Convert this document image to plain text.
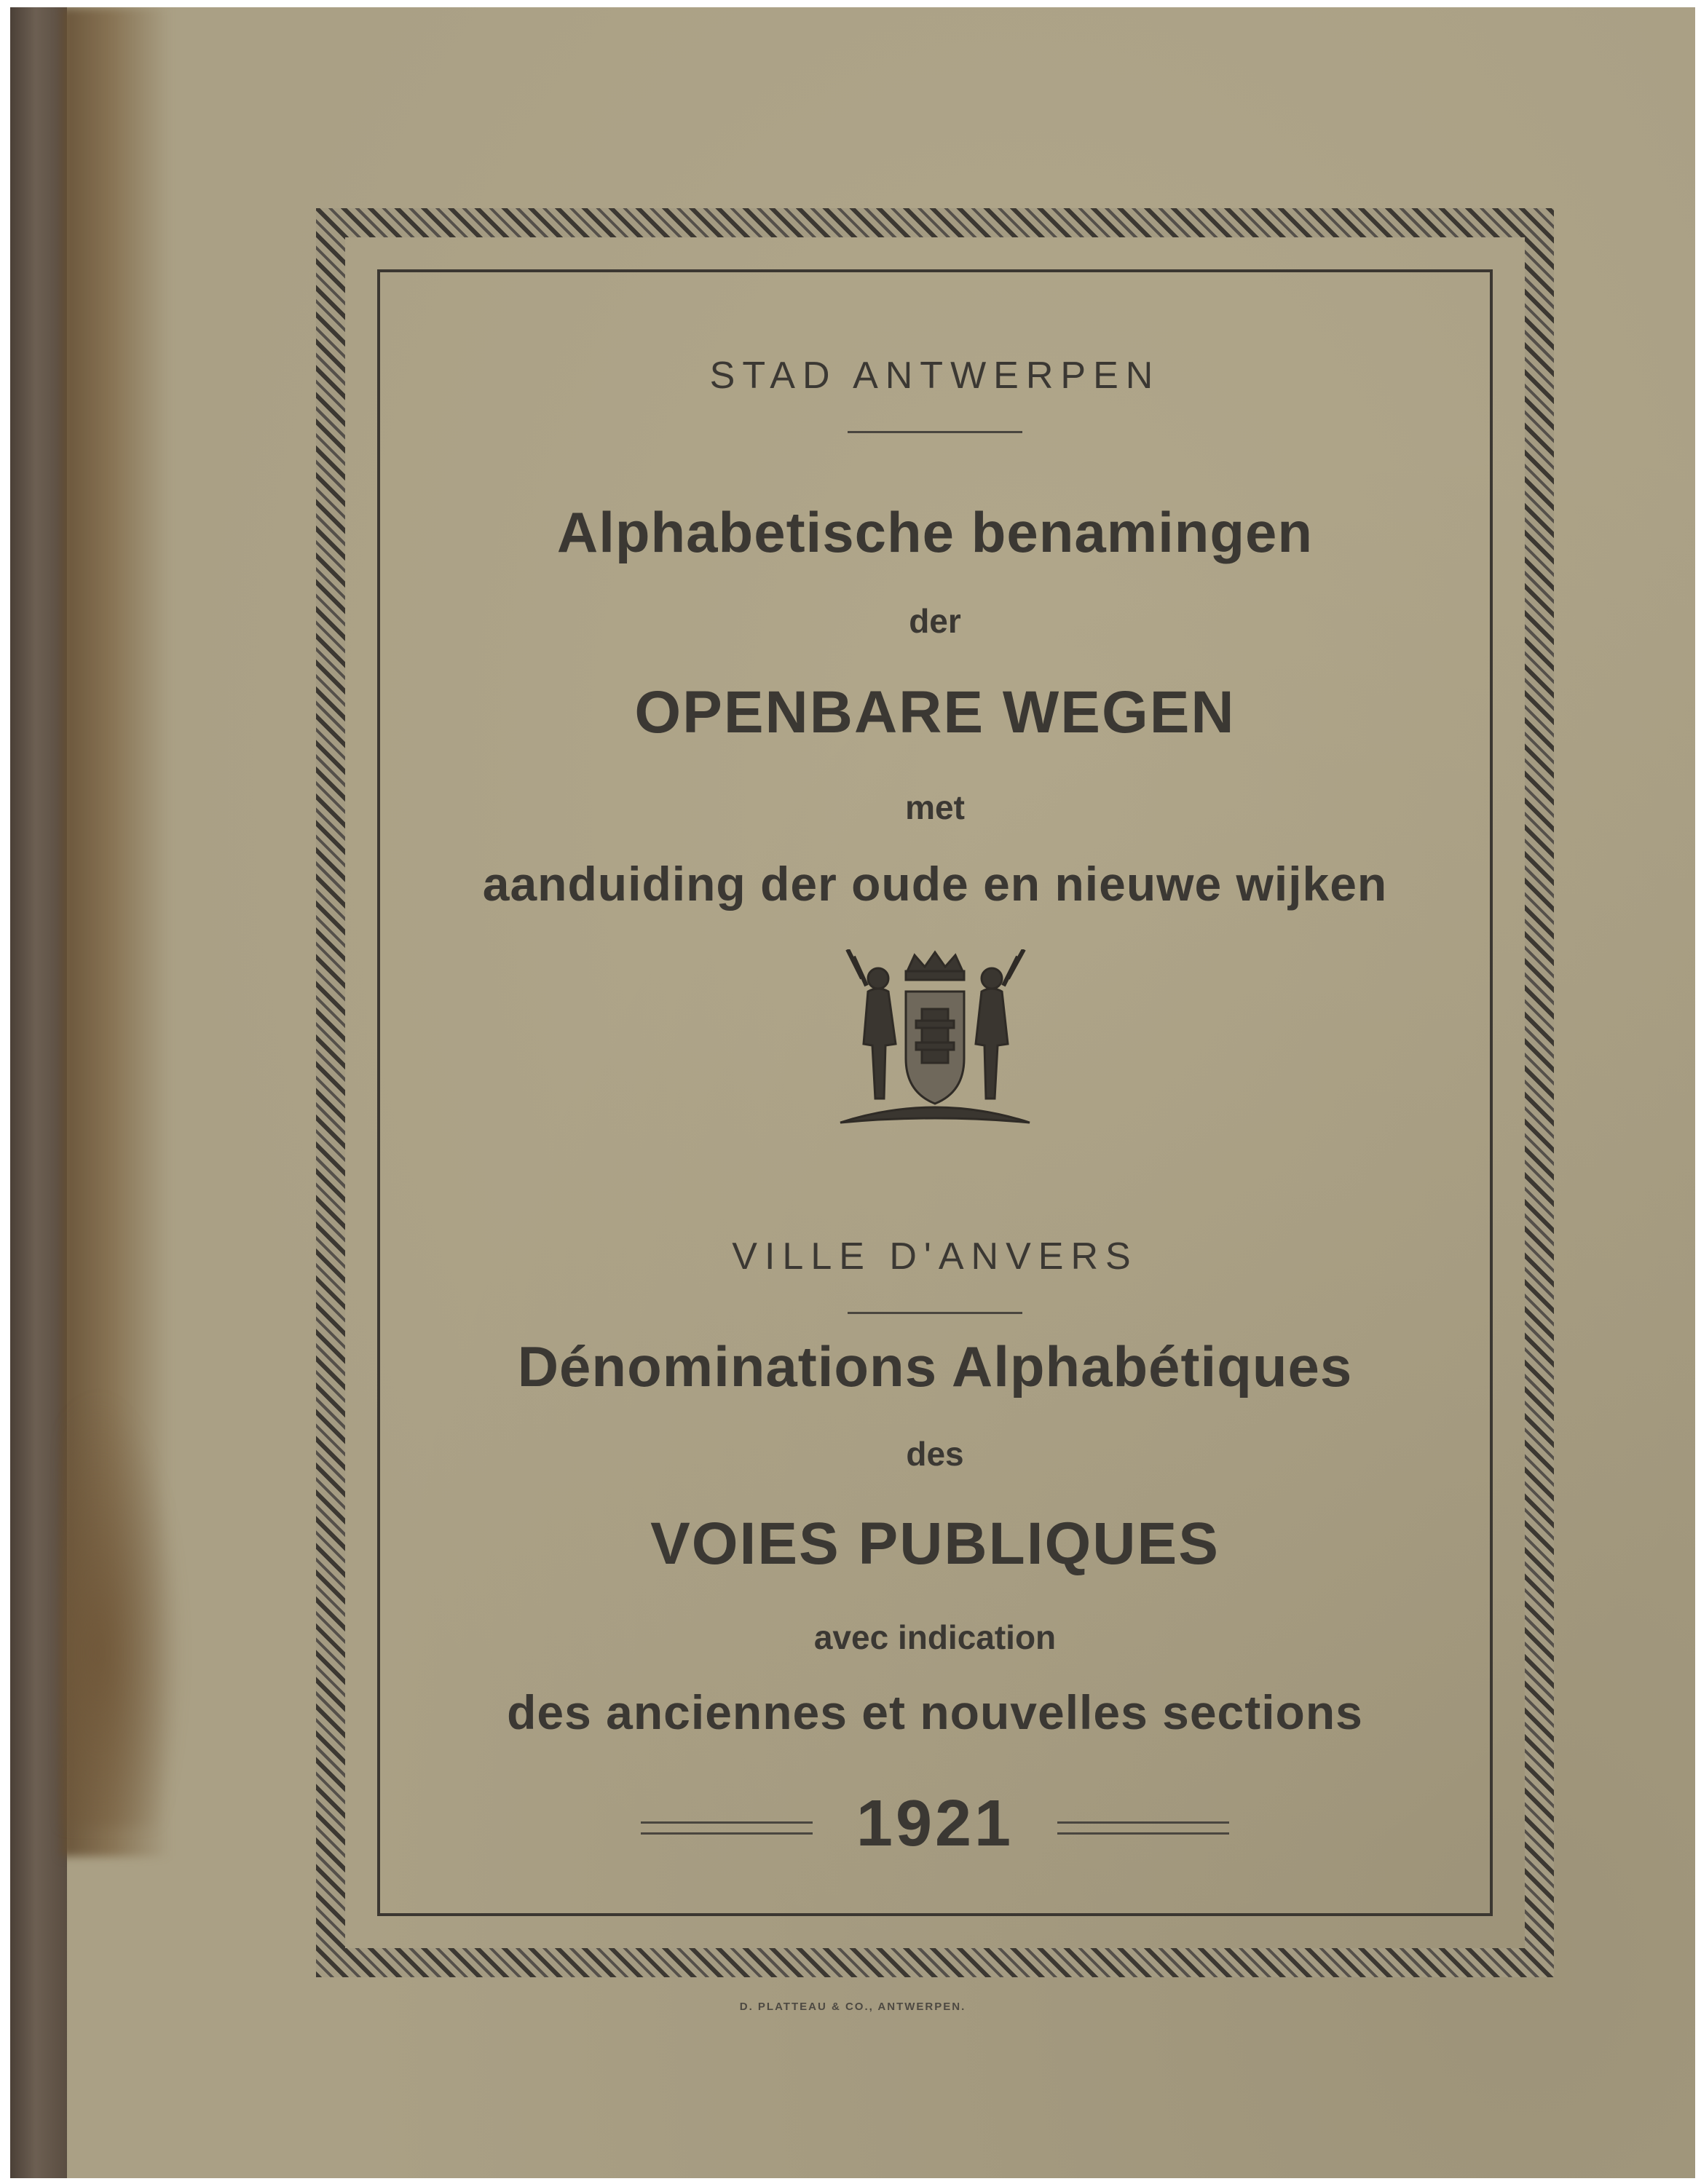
STAD ANTWERPEN
Alphabetische benamingen
der
OPENBARE WEGEN
met
aanduiding der oude en nieuwe wijken
VILLE D'ANVERS
Dénominations Alphabétiques
des
VOIES PUBLIQUES
avec indication
des anciennes et nouvelles sections
1921
D. PLATTEAU & CO., ANTWERPEN.
